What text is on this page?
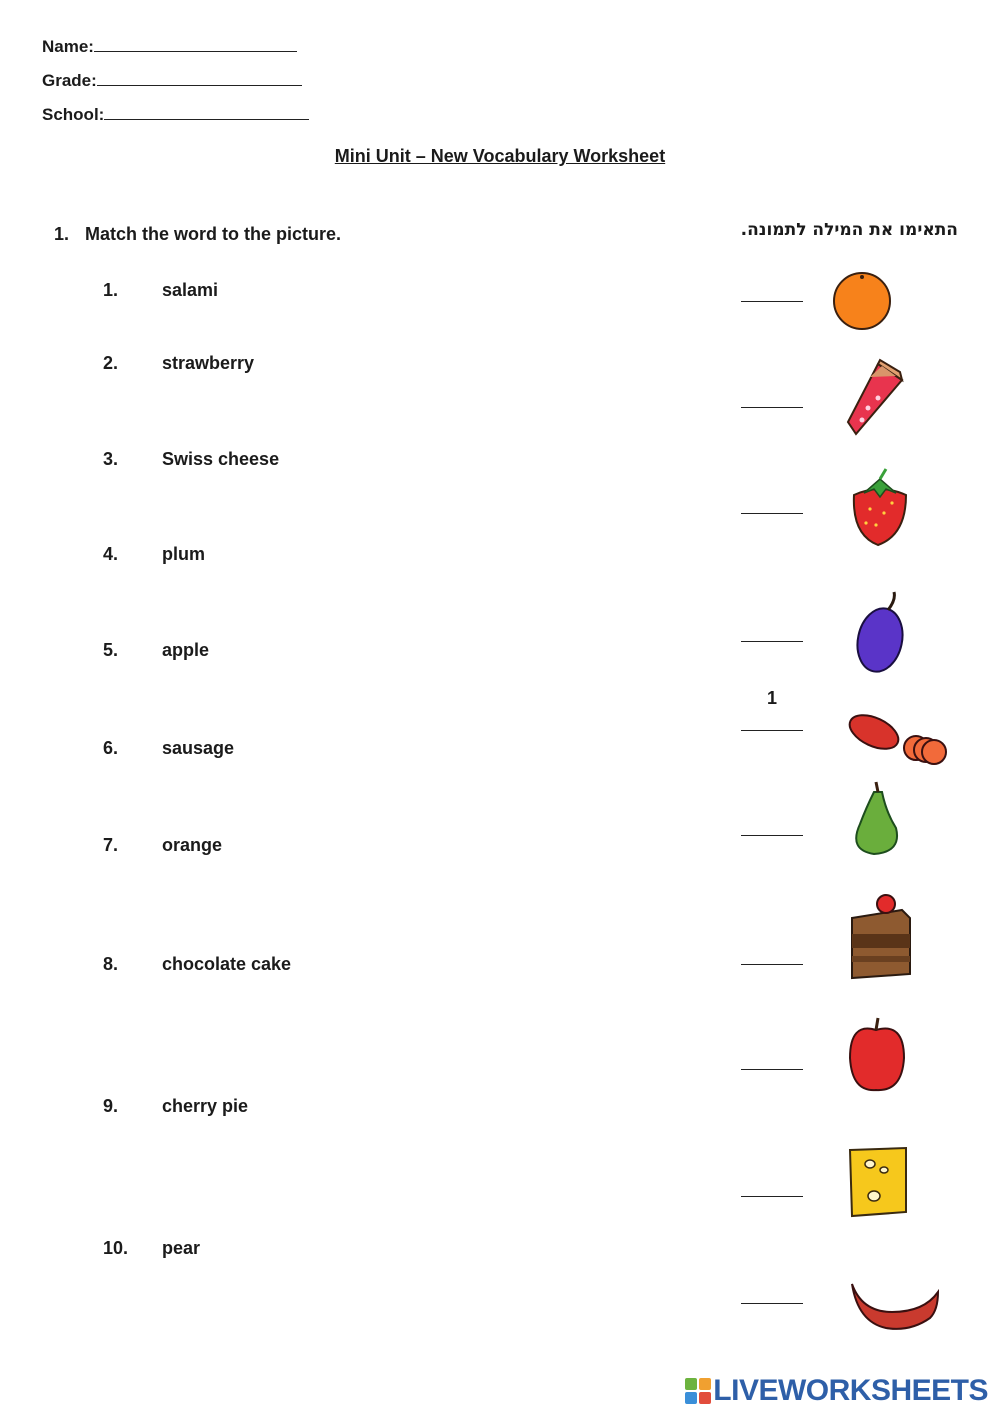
Name:
Grade:
School:
Mini Unit – New Vocabulary Worksheet
1. Match the word to the picture.	התאימו את המילה לתמונה.
1. salami
2. strawberry
3. Swiss cheese
4. plum
5. apple
6. sausage
7. orange
8. chocolate cake
9. cherry pie
10. pear
1
LIVEWORKSHEETS
